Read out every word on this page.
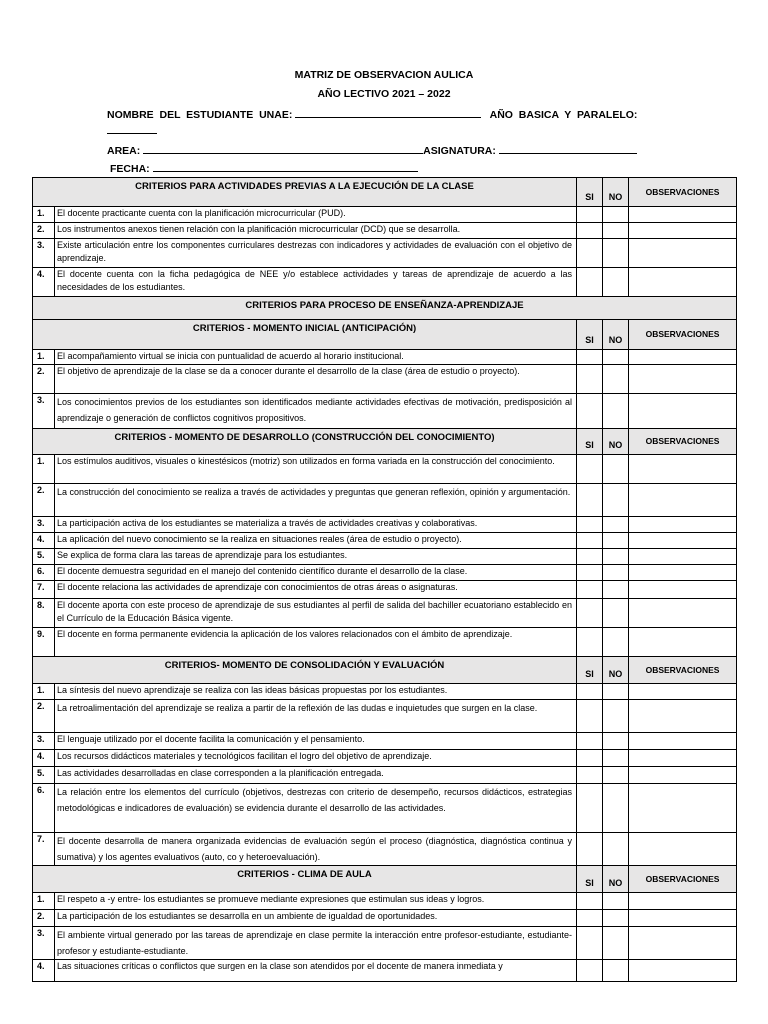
MATRIZ DE OBSERVACION AULICA
AÑO LECTIVO 2021 – 2022
NOMBRE  DEL  ESTUDIANTE  UNAE:	AÑO  BASICA  Y  PARALELO:
AREA:	ASIGNATURA:
FECHA:
CRITERIOS PARA ACTIVIDADES PREVIAS A LA EJECUCIÓN DE LA CLASE		SI	NO	OBSERVACIONES
1.	El docente practicante cuenta con la planificación microcurricular (PUD).			
2.	Los instrumentos anexos tienen relación con la planificación microcurricular (DCD) que se desarrolla.			
3.	Existe articulación entre los componentes curriculares destrezas con indicadores y actividades de evaluación con el objetivo de aprendizaje.			
4.	El docente cuenta con la ficha pedagógica de NEE y/o establece actividades y tareas de aprendizaje de acuerdo a las necesidades de los estudiantes.			
CRITERIOS PARA PROCESO DE ENSEÑANZA-APRENDIZAJE				
CRITERIOS - MOMENTO INICIAL (ANTICIPACIÓN)		SI	NO	OBSERVACIONES
1.	El acompañamiento virtual se inicia con puntualidad de acuerdo al horario institucional.			
2.	El objetivo de aprendizaje de la clase se da a conocer durante el desarrollo de la clase (área de estudio o proyecto).			
3.	Los conocimientos previos de los estudiantes son identificados mediante actividades efectivas de motivación, predisposición al aprendizaje o generación de conflictos cognitivos propositivos.			
CRITERIOS - MOMENTO DE DESARROLLO (CONSTRUCCIÓN DEL CONOCIMIENTO)		SI	NO	OBSERVACIONES
1.	Los estímulos auditivos, visuales o kinestésicos (motriz) son utilizados en forma variada en la construcción del conocimiento.			
2.	La construcción del conocimiento se realiza a través de actividades y preguntas que generan reflexión, opinión y argumentación.			
3.	La participación activa de los estudiantes se materializa a través de actividades creativas y colaborativas.			
4.	La aplicación del nuevo conocimiento se la realiza en situaciones reales (área de estudio o proyecto).			
5.	Se explica de forma clara las tareas de aprendizaje para los estudiantes.			
6.	El docente demuestra seguridad en el manejo del contenido científico durante el desarrollo de la clase.			
7.	El docente relaciona las actividades de aprendizaje con conocimientos de otras áreas o asignaturas.			
8.	El docente aporta con este proceso de aprendizaje de sus estudiantes al perfil de salida del bachiller ecuatoriano establecido en el Currículo de la Educación Básica vigente.			
9.	El docente en forma permanente evidencia la aplicación de los valores relacionados con el ámbito de aprendizaje.			
CRITERIOS- MOMENTO DE CONSOLIDACIÓN Y EVALUACIÓN		SI	NO	OBSERVACIONES
1.	La síntesis del nuevo aprendizaje se realiza con las ideas básicas propuestas por los estudiantes.			
2.	La retroalimentación del aprendizaje se realiza a partir de la reflexión de las dudas e inquietudes que surgen en la clase.			
3.	El lenguaje utilizado por el docente facilita la comunicación y el pensamiento.			
4.	Los recursos didácticos materiales y tecnológicos facilitan el logro del objetivo de aprendizaje.			
5.	Las actividades desarrolladas en clase corresponden a la planificación entregada.			
6.	La relación entre los elementos del currículo (objetivos, destrezas con criterio de desempeño, recursos didácticos, estrategias metodológicas e indicadores de evaluación) se evidencia durante el desarrollo de las actividades.			
7.	El docente desarrolla de manera organizada evidencias de evaluación según el proceso (diagnóstica, diagnóstica continua y sumativa) y los agentes evaluativos (auto, co y heteroevaluación).			
CRITERIOS - CLIMA DE AULA		SI	NO	OBSERVACIONES
1.	El respeto a -y entre- los estudiantes se promueve mediante expresiones que estimulan sus ideas y logros.			
2.	La participación de los estudiantes se desarrolla en un ambiente de igualdad de oportunidades.			
3.	El ambiente virtual generado por las tareas de aprendizaje en clase permite la interacción entre profesor-estudiante, estudiante-profesor y estudiante-estudiante.			
4.	Las situaciones críticas o conflictos que surgen en la clase son atendidos por el docente de manera inmediata y			
